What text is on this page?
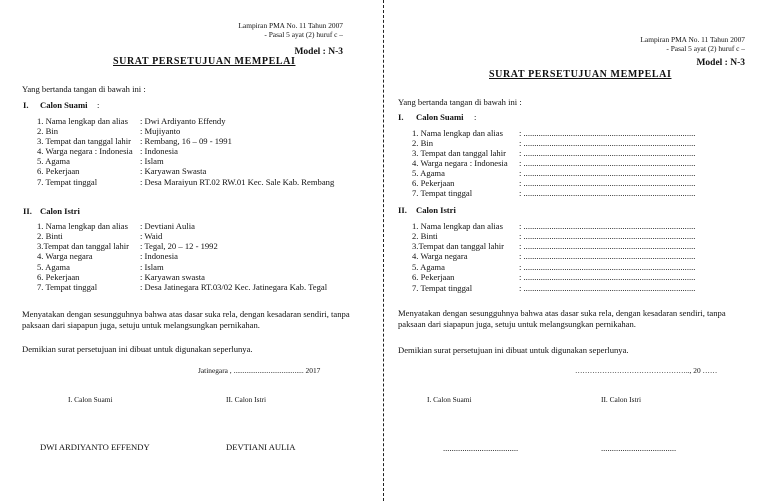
Lampiran PMA No. 11 Tahun 2007
- Pasal 5 ayat (2) huruf c –
Model : N-3
SURAT PERSETUJUAN MEMPELAI
Yang bertanda tangan di bawah ini :
I. Calon Suami :
1. Nama lengkap dan alias : Dwi Ardiyanto Effendy
2. Bin	: Mujiyanto
3. Tempat dan tanggal lahir : Rembang, 16 – 09 - 1991
4. Warga negara : Indonesia : Indonesia
5. Agama	: Islam
6. Pekerjaan	: Karyawan Swasta
7. Tempat tinggal	: Desa Maraiyun RT.02 RW.01 Kec. Sale Kab. Rembang
II. Calon Istri
1. Nama lengkap dan alias : Devtiani Aulia
2. Binti	: Waid
3.Tempat dan tanggal lahir : Tegal, 20 – 12 - 1992
4. Warga negara	: Indonesia
5. Agama	: Islam
6. Pekerjaan	: Karyawan swasta
7. Tempat tinggal	: Desa Jatinegara RT.03/02 Kec. Jatinegara Kab. Tegal
Menyatakan dengan sesungguhnya bahwa atas dasar suka rela, dengan kesadaran sendiri, tanpa
paksaan dari siapapun juga, setuju untuk melangsungkan pernikahan.
Demikian surat persetujuan ini dibuat untuk digunakan seperlunya.
Jatinegara , ...................................... 2017
I. Calon Suami	II. Calon Istri
DWI ARDIYANTO EFFENDY	DEVTIANI AULIA
Lampiran PMA No. 11 Tahun 2007
- Pasal 5 ayat (2) huruf c –
Model : N-3
SURAT PERSETUJUAN MEMPELAI
Yang bertanda tangan di bawah ini :
I. Calon Suami :
1. Nama lengkap dan alias : ................................................................................
2. Bin	: ................................................................................
3. Tempat dan tanggal lahir : ................................................................................
4. Warga negara : Indonesia : ................................................................................
5. Agama	: ................................................................................
6. Pekerjaan	: ................................................................................
7. Tempat tinggal	: ................................................................................
II. Calon Istri
1. Nama lengkap dan alias : ................................................................................
2. Binti	: ................................................................................
3.Tempat dan tanggal lahir : ................................................................................
4. Warga negara	: ................................................................................
5. Agama	: ................................................................................
6. Pekerjaan	: ................................................................................
7. Tempat tinggal	: ................................................................................
Menyatakan dengan sesungguhnya bahwa atas dasar suka rela, dengan kesadaran sendiri, tanpa
paksaan dari siapapun juga, setuju untuk melangsungkan pernikahan.
Demikian surat persetujuan ini dibuat untuk digunakan seperlunya.
……………………………………….., 20 ……
I. Calon Suami	II. Calon Istri
...................................	...................................
